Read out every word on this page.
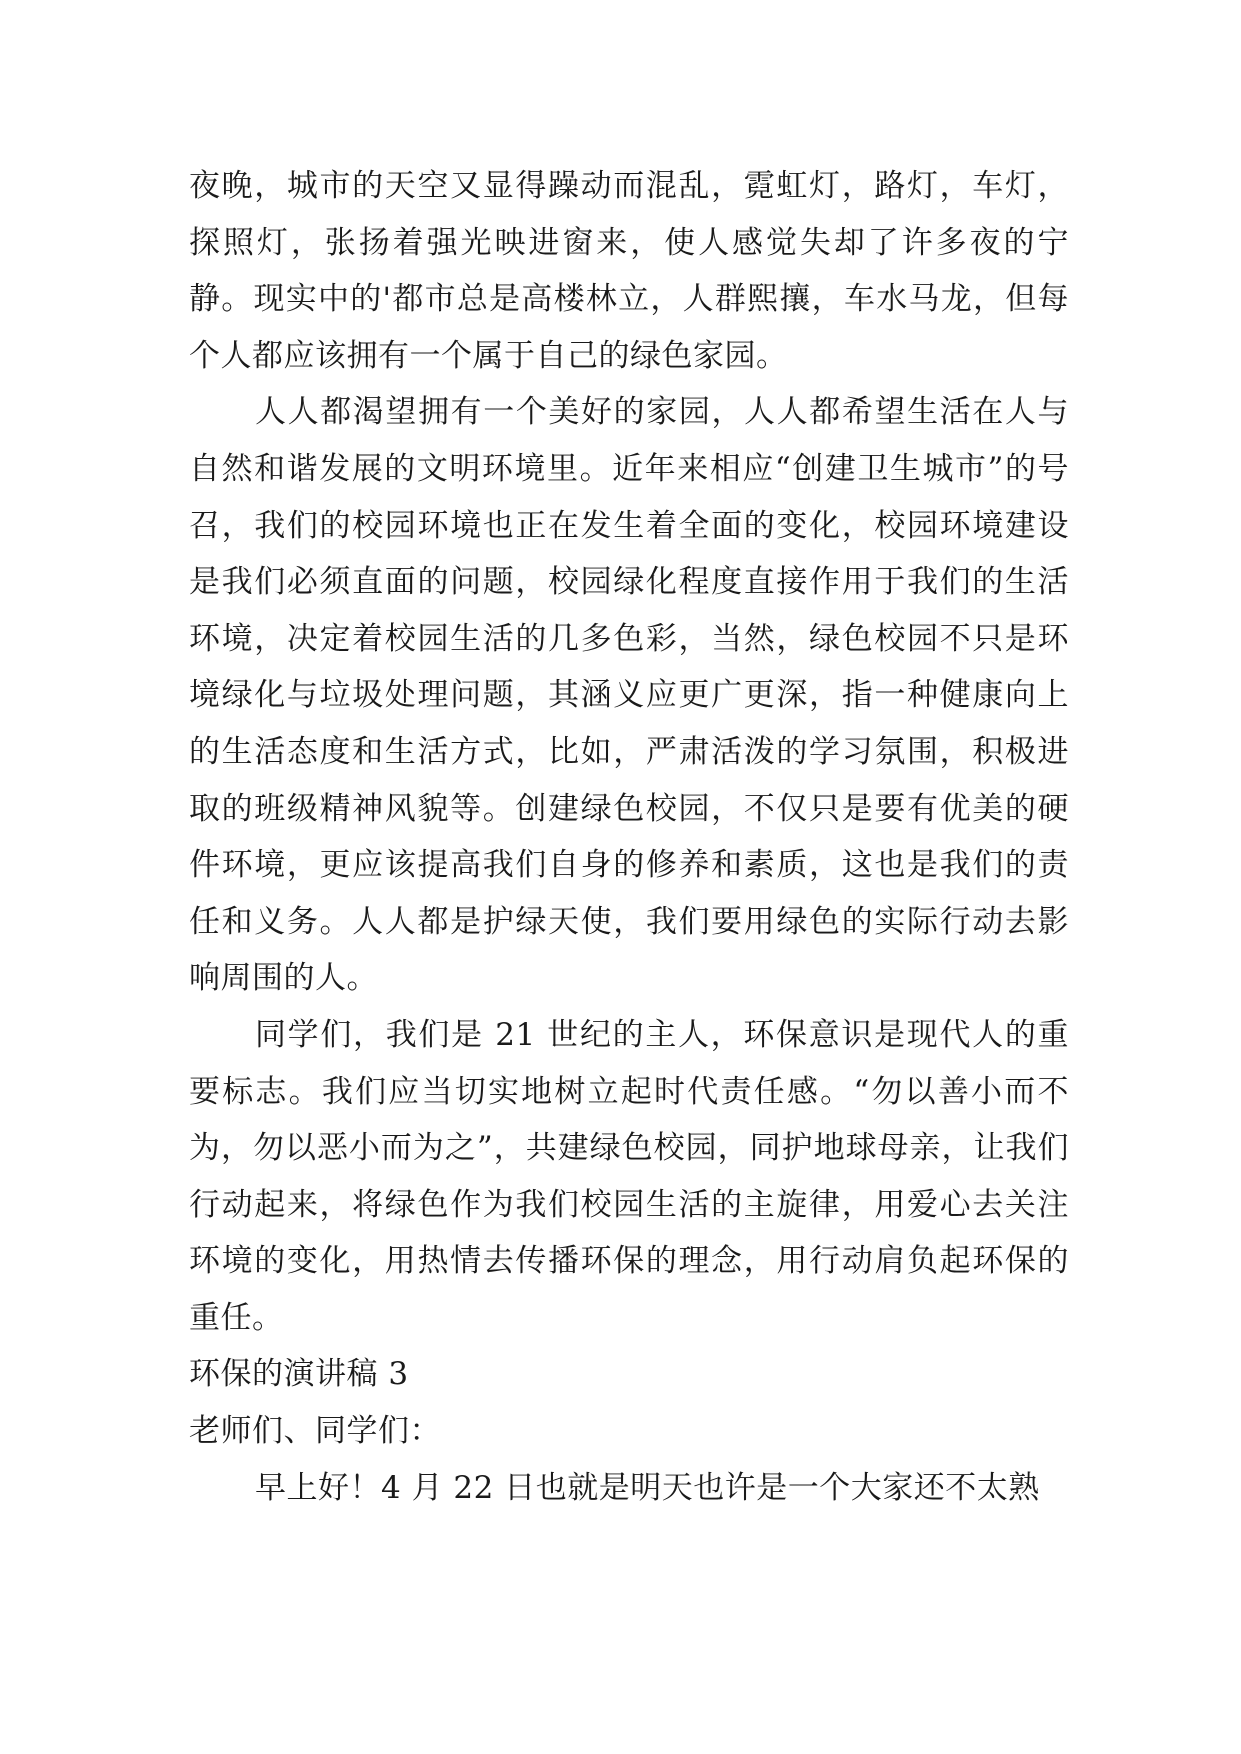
夜晚，城市的天空又显得躁动而混乱，霓虹灯，路灯，车灯，探照灯，张扬着强光映进窗来，使人感觉失却了许多夜的宁静。现实中的'都市总是高楼林立，人群熙攘，车水马龙，但每个人都应该拥有一个属于自己的绿色家园。

人人都渴望拥有一个美好的家园，人人都希望生活在人与自然和谐发展的文明环境里。近年来相应“创建卫生城市”的号召，我们的校园环境也正在发生着全面的变化，校园环境建设是我们必须直面的问题，校园绿化程度直接作用于我们的生活环境，决定着校园生活的几多色彩，当然，绿色校园不只是环境绿化与垃圾处理问题，其涵义应更广更深，指一种健康向上的生活态度和生活方式，比如，严肃活泼的学习氛围，积极进取的班级精神风貌等。创建绿色校园，不仅只是要有优美的硬件环境，更应该提高我们自身的修养和素质，这也是我们的责任和义务。人人都是护绿天使，我们要用绿色的实际行动去影响周围的人。

同学们，我们是 21 世纪的主人，环保意识是现代人的重要标志。我们应当切实地树立起时代责任感。“勿以善小而不为，勿以恶小而为之”，共建绿色校园，同护地球母亲，让我们行动起来，将绿色作为我们校园生活的主旋律，用爱心去关注环境的变化，用热情去传播环保的理念，用行动肩负起环保的重任。

环保的演讲稿 3

老师们、同学们：

早上好！4 月 22 日也就是明天也许是一个大家还不太熟
